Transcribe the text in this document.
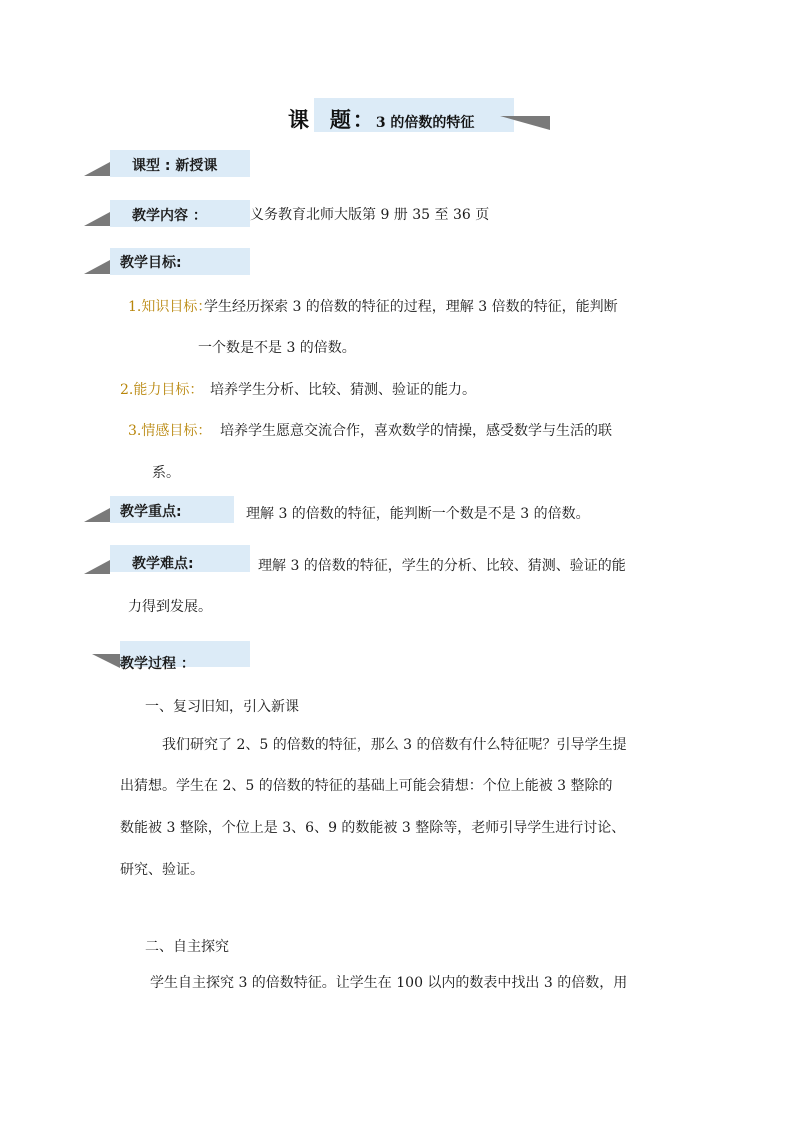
课 题：3 的倍数的特征
课型 : 新授课
教学内容 ：	义务教育北师大版第 9 册 35 至 36 页
教学目标:
1.知识目标：
学生经历探索 3 的倍数的特征的过程，理解 3 倍数的特征，能判断
一个数是不是 3 的倍数。
2.能力目标： 培养学生分析、比较、猜测、验证的能力。
3.情感目标： 培养学生愿意交流合作，喜欢数学的情操，感受数学与生活的联
系。
教学重点:	理解 3 的倍数的特征，能判断一个数是不是 3 的倍数。
教学难点:	理解 3 的倍数的特征，学生的分析、比较、猜测、验证的能
力得到发展。
教学过程 ：
一、复习旧知，引入新课
我们研究了 2、5 的倍数的特征，那么 3 的倍数有什么特征呢？引导学生提
出猜想。学生在 2、5 的倍数的特征的基础上可能会猜想：个位上能被 3 整除的
数能被 3 整除，个位上是 3、6、9 的数能被 3 整除等，老师引导学生进行讨论、
研究、验证。
二、自主探究
学生自主探究 3 的倍数特征。让学生在 100 以内的数表中找出 3 的倍数，用
